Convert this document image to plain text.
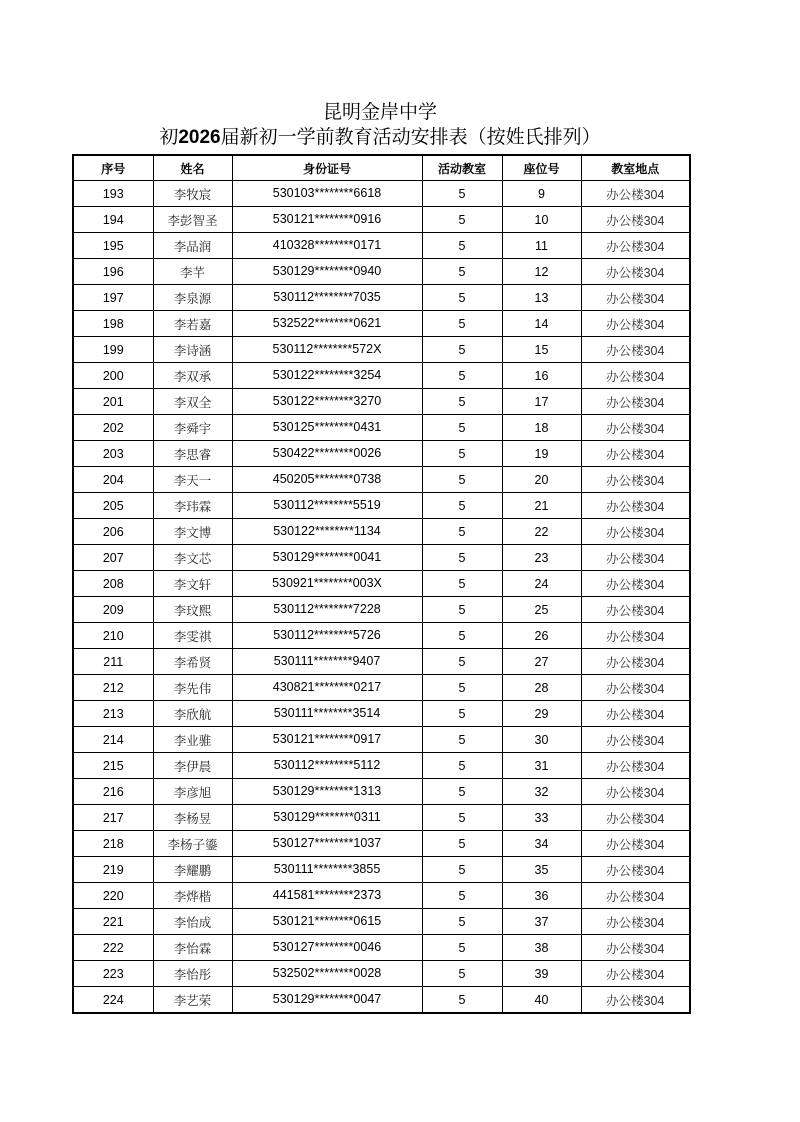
昆明金岸中学
初2026届新初一学前教育活动安排表（按姓氏排列）
序号	姓名	身份证号	活动教室	座位号	教室地点
193	李牧宸	530103********6618	5	9	办公楼304
194	李彭智圣	530121********0916	5	10	办公楼304
195	李品润	410328********0171	5	11	办公楼304
196	李芊	530129********0940	5	12	办公楼304
197	李泉源	530112********7035	5	13	办公楼304
198	李若嘉	532522********0621	5	14	办公楼304
199	李诗涵	530112********572X	5	15	办公楼304
200	李双承	530122********3254	5	16	办公楼304
201	李双全	530122********3270	5	17	办公楼304
202	李舜宇	530125********0431	5	18	办公楼304
203	李思睿	530422********0026	5	19	办公楼304
204	李天一	450205********0738	5	20	办公楼304
205	李玮霖	530112********5519	5	21	办公楼304
206	李文博	530122********1134	5	22	办公楼304
207	李文芯	530129********0041	5	23	办公楼304
208	李文轩	530921********003X	5	24	办公楼304
209	李玟熙	530112********7228	5	25	办公楼304
210	李雯祺	530112********5726	5	26	办公楼304
211	李希贤	530111********9407	5	27	办公楼304
212	李先伟	430821********0217	5	28	办公楼304
213	李欣航	530111********3514	5	29	办公楼304
214	李业骓	530121********0917	5	30	办公楼304
215	李伊晨	530112********5112	5	31	办公楼304
216	李彦旭	530129********1313	5	32	办公楼304
217	李杨昱	530129********0311	5	33	办公楼304
218	李杨子鎏	530127********1037	5	34	办公楼304
219	李耀鹏	530111********3855	5	35	办公楼304
220	李烨楷	441581********2373	5	36	办公楼304
221	李怡成	530121********0615	5	37	办公楼304
222	李怡霖	530127********0046	5	38	办公楼304
223	李怡彤	532502********0028	5	39	办公楼304
224	李艺荣	530129********0047	5	40	办公楼304
